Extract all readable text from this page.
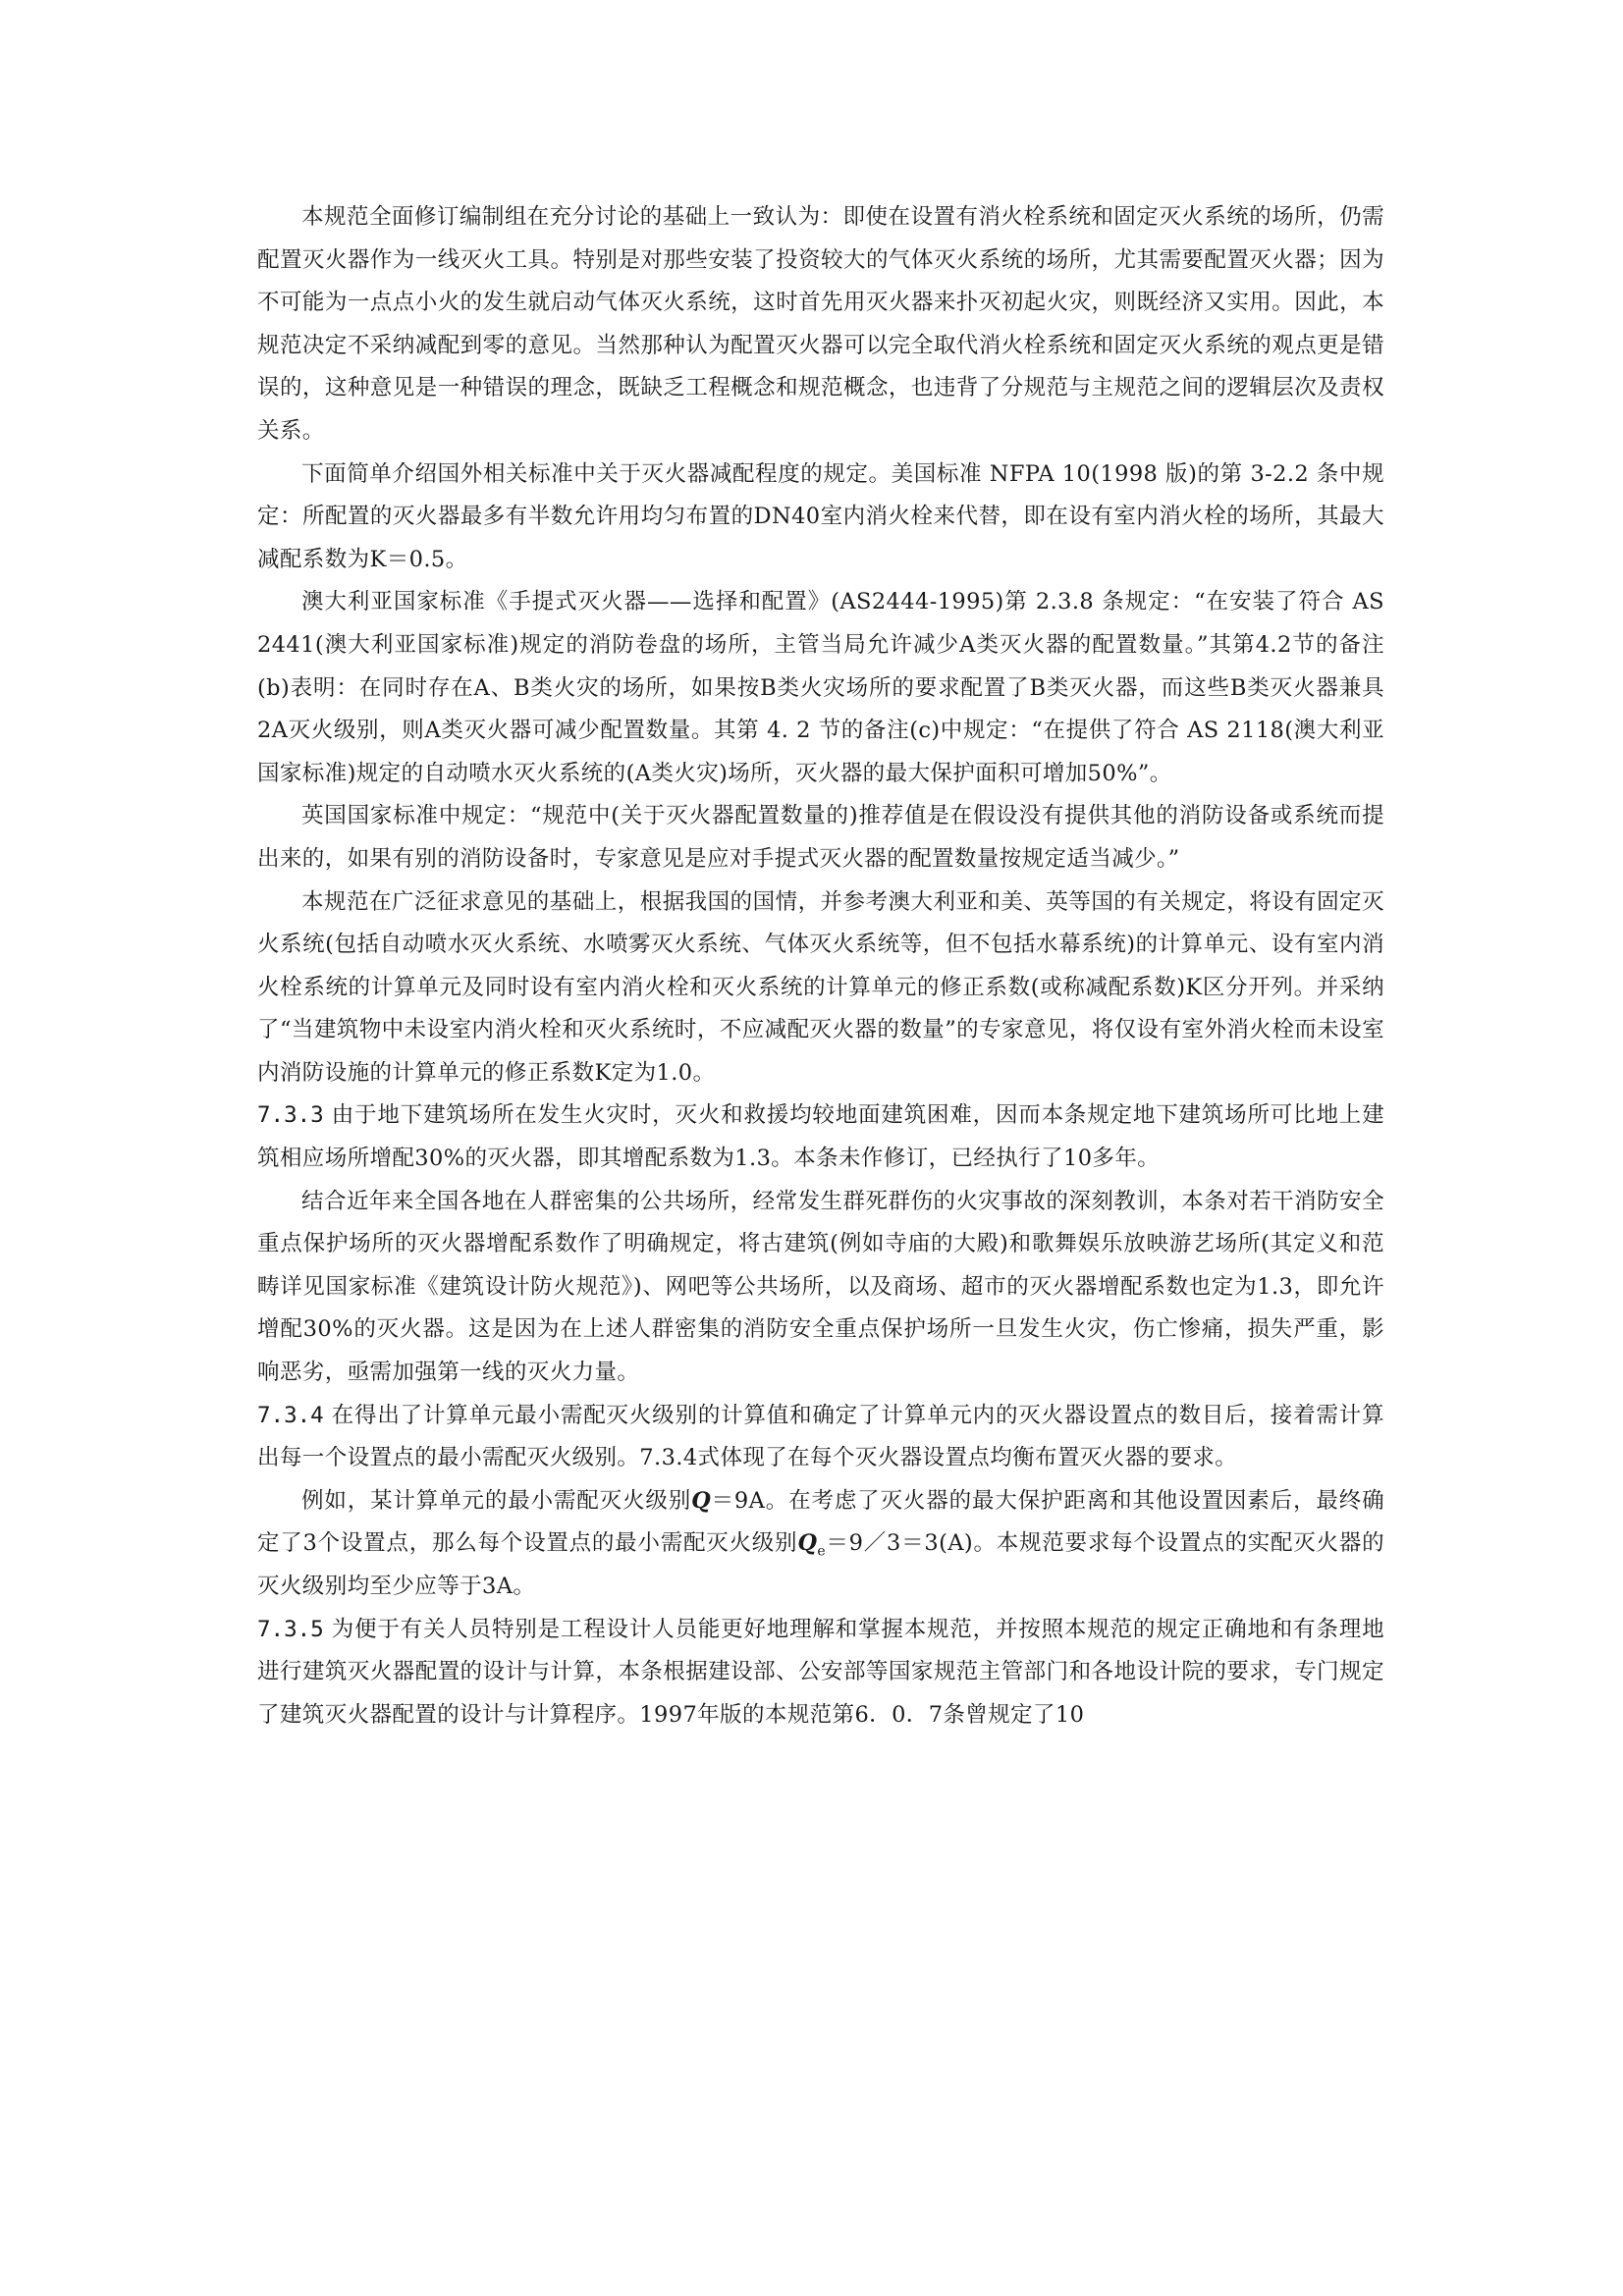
本规范全面修订编制组在充分讨论的基础上一致认为：即使在设置有消火栓系统和固定灭火系统的场所，仍需配置灭火器作为一线灭火工具。特别是对那些安装了投资较大的气体灭火系统的场所，尤其需要配置灭火器；因为不可能为一点点小火的发生就启动气体灭火系统，这时首先用灭火器来扑灭初起火灾，则既经济又实用。因此，本规范决定不采纳减配到零的意见。当然那种认为配置灭火器可以完全取代消火栓系统和固定灭火系统的观点更是错误的，这种意见是一种错误的理念，既缺乏工程概念和规范概念，也违背了分规范与主规范之间的逻辑层次及责权关系。

下面简单介绍国外相关标准中关于灭火器减配程度的规定。美国标准 NFPA 10(1998 版)的第 3-2.2 条中规定：所配置的灭火器最多有半数允许用均匀布置的DN40室内消火栓来代替，即在设有室内消火栓的场所，其最大减配系数为K＝0.5。

澳大利亚国家标准《手提式灭火器——选择和配置》(AS2444-1995)第 2.3.8 条规定：“在安装了符合 AS 2441(澳大利亚国家标准)规定的消防卷盘的场所，主管当局允许减少A类灭火器的配置数量。”其第4.2节的备注(b)表明：在同时存在A、B类火灾的场所，如果按B类火灾场所的要求配置了B类灭火器，而这些B类灭火器兼具2A灭火级别，则A类灭火器可减少配置数量。其第 4. 2 节的备注(c)中规定：“在提供了符合 AS 2118(澳大利亚国家标准)规定的自动喷水灭火系统的(A类火灾)场所，灭火器的最大保护面积可增加50%”。

英国国家标准中规定：“规范中(关于灭火器配置数量的)推荐值是在假设没有提供其他的消防设备或系统而提出来的，如果有别的消防设备时，专家意见是应对手提式灭火器的配置数量按规定适当减少。”

本规范在广泛征求意见的基础上，根据我国的国情，并参考澳大利亚和美、英等国的有关规定，将设有固定灭火系统(包括自动喷水灭火系统、水喷雾灭火系统、气体灭火系统等，但不包括水幕系统)的计算单元、设有室内消火栓系统的计算单元及同时设有室内消火栓和灭火系统的计算单元的修正系数(或称减配系数)K区分开列。并采纳了“当建筑物中未设室内消火栓和灭火系统时，不应减配灭火器的数量”的专家意见，将仅设有室外消火栓而未设室内消防设施的计算单元的修正系数K定为1.0。

7.3.3 由于地下建筑场所在发生火灾时，灭火和救援均较地面建筑困难，因而本条规定地下建筑场所可比地上建筑相应场所增配30%的灭火器，即其增配系数为1.3。本条未作修订，已经执行了10多年。

结合近年来全国各地在人群密集的公共场所，经常发生群死群伤的火灾事故的深刻教训，本条对若干消防安全重点保护场所的灭火器增配系数作了明确规定，将古建筑(例如寺庙的大殿)和歌舞娱乐放映游艺场所(其定义和范畴详见国家标准《建筑设计防火规范》)、网吧等公共场所，以及商场、超市的灭火器增配系数也定为1.3，即允许增配30%的灭火器。这是因为在上述人群密集的消防安全重点保护场所一旦发生火灾，伤亡惨痛，损失严重，影响恶劣，亟需加强第一线的灭火力量。

7.3.4 在得出了计算单元最小需配灭火级别的计算值和确定了计算单元内的灭火器设置点的数目后，接着需计算出每一个设置点的最小需配灭火级别。7.3.4式体现了在每个灭火器设置点均衡布置灭火器的要求。

例如，某计算单元的最小需配灭火级别Q＝9A。在考虑了灭火器的最大保护距离和其他设置因素后，最终确定了3个设置点，那么每个设置点的最小需配灭火级别$Q_e=9/3=3(A)$。本规范要求每个设置点的实配灭火器的灭火级别均至少应等于3A。

7.3.5 为便于有关人员特别是工程设计人员能更好地理解和掌握本规范，并按照本规范的规定正确地和有条理地进行建筑灭火器配置的设计与计算，本条根据建设部、公安部等国家规范主管部门和各地设计院的要求，专门规定了建筑灭火器配置的设计与计算程序。1997年版的本规范第6．0．7条曾规定了10
